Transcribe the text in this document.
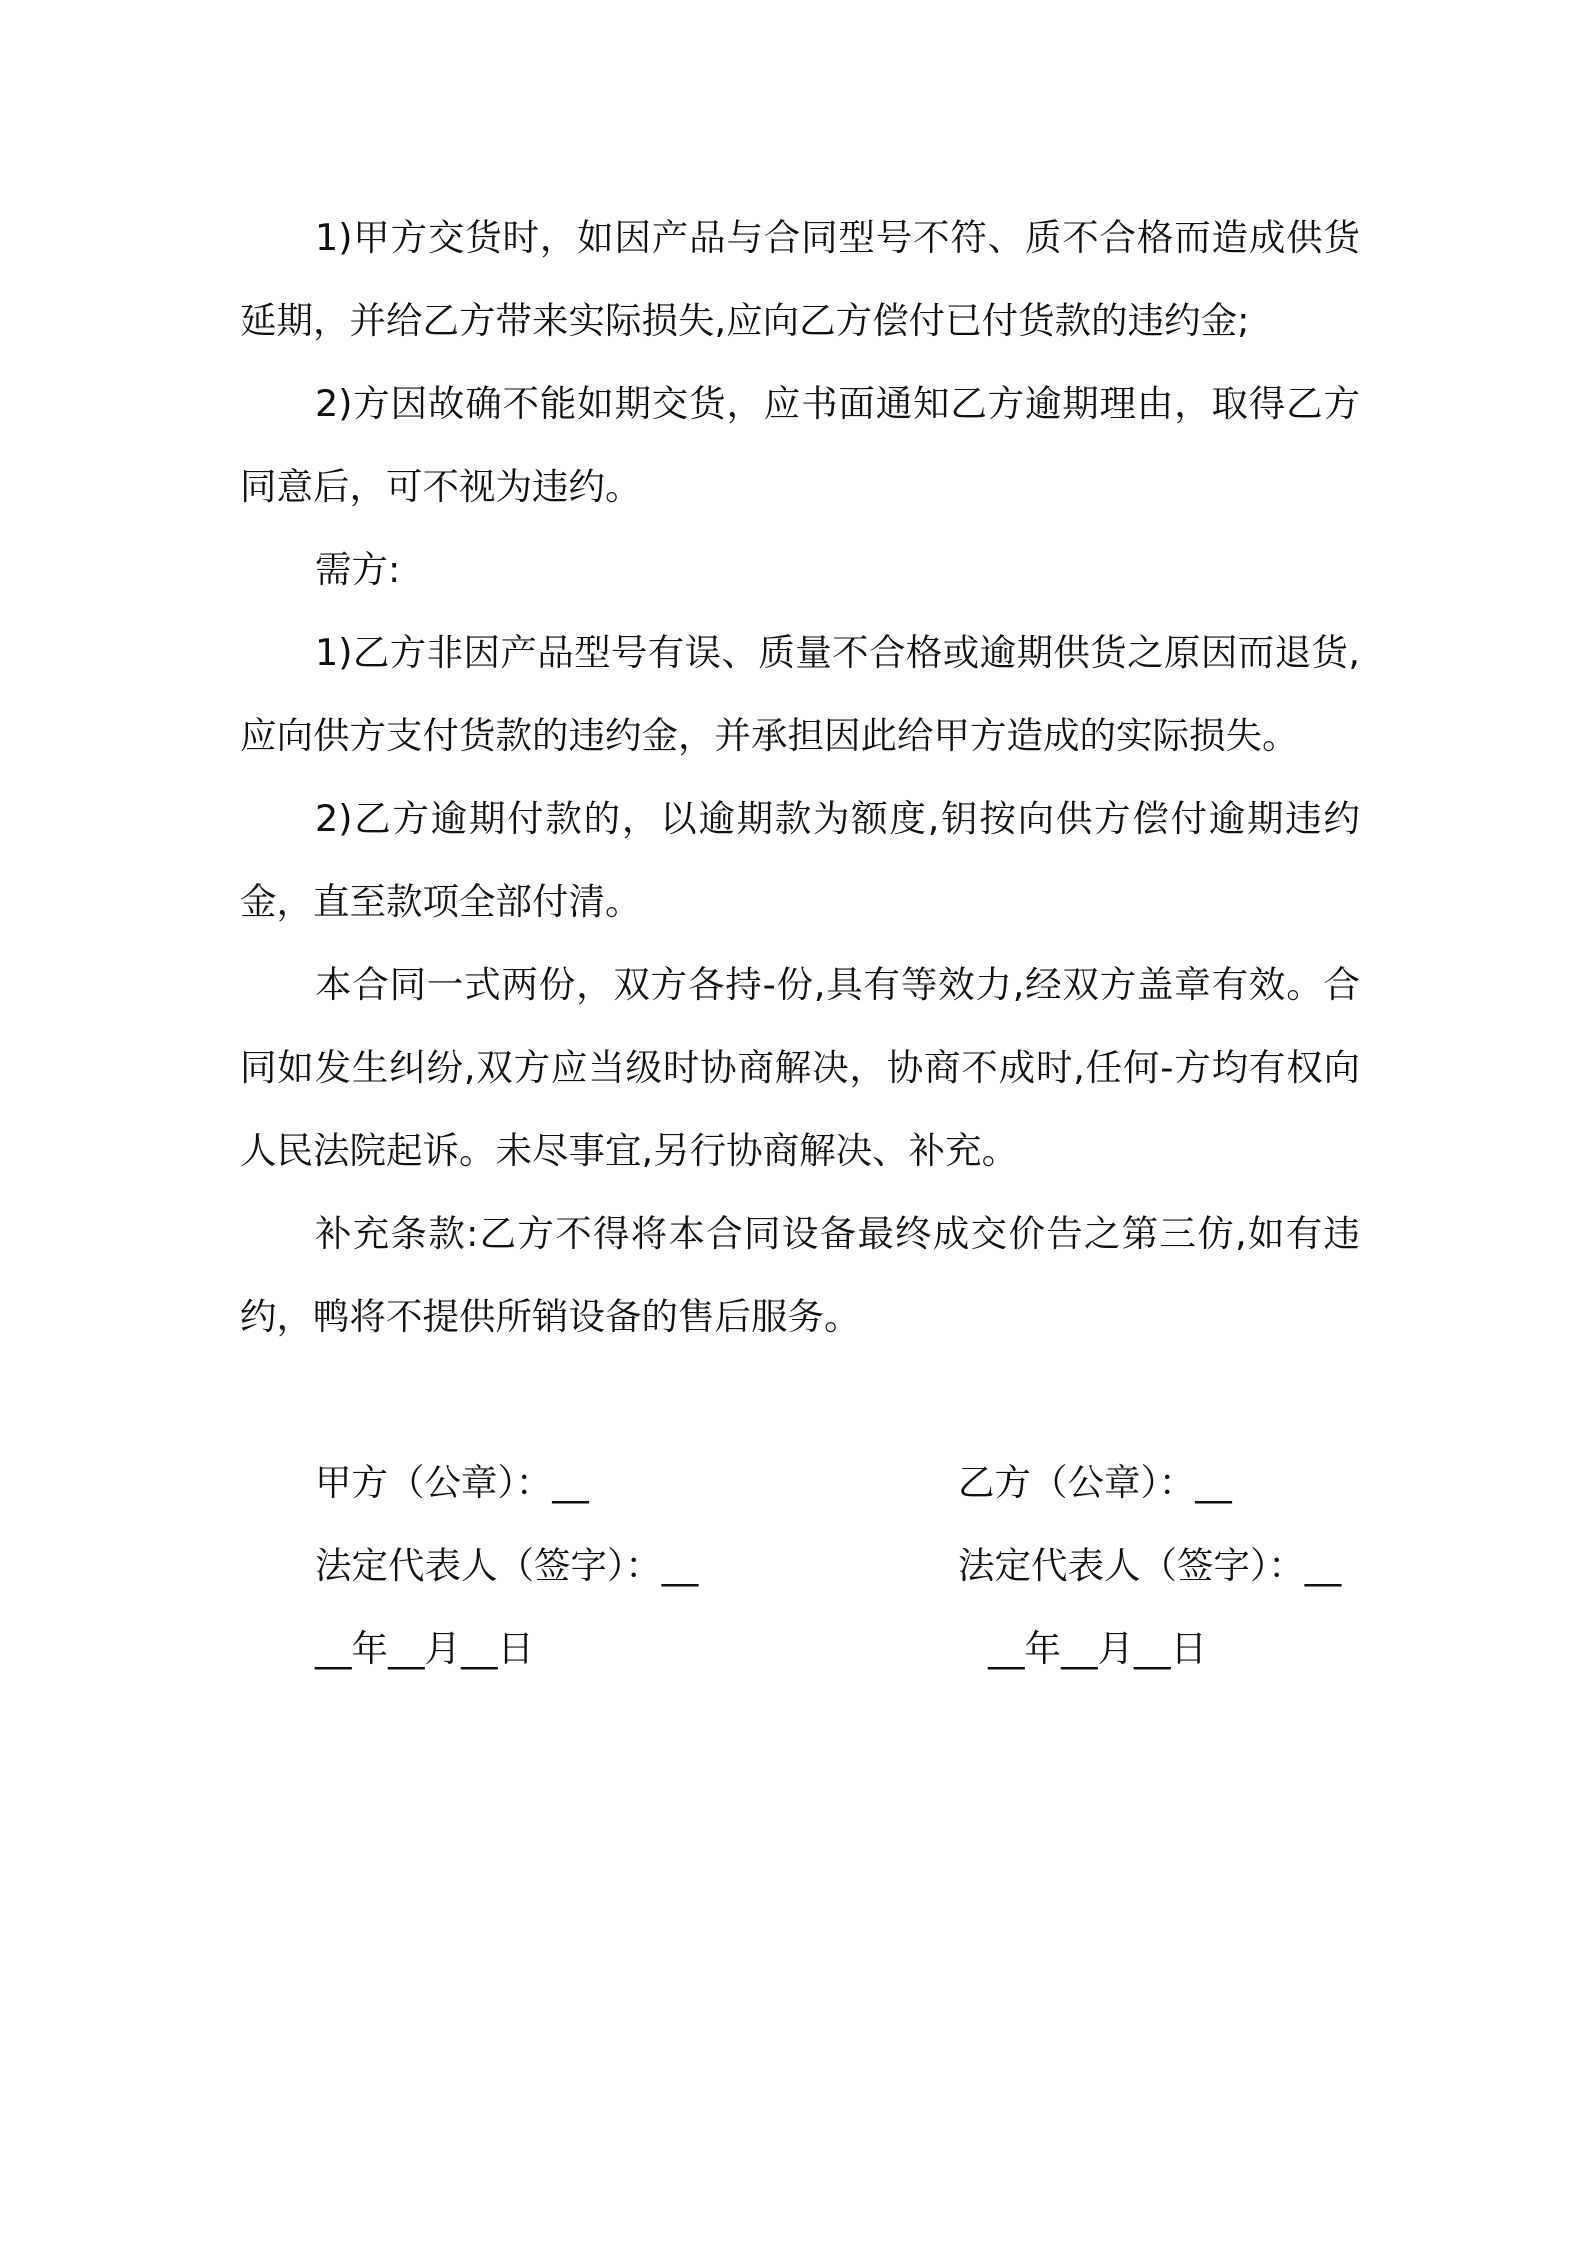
1)甲方交货时，如因产品与合同型号不符、质不合格而造成供货延期，并给乙方带来实际损失,应向乙方偿付已付货款的违约金;

2)方因故确不能如期交货，应书面通知乙方逾期理由，取得乙方同意后，可不视为违约。

需方:

1)乙方非因产品型号有误、质量不合格或逾期供货之原因而退货,应向供方支付货款的违约金，并承担因此给甲方造成的实际损失。

2)乙方逾期付款的，以逾期款为额度,钥按向供方偿付逾期违约金，直至款项全部付清。

本合同一式两份，双方各持-份,具有等效力,经双方盖章有效。合同如发生纠纷,双方应当级时协商解决，协商不成时,任何-方均有权向人民法院起诉。未尽事宜,另行协商解决、补充。

补充条款:乙方不得将本合同设备最终成交价告之第三仿,如有违约，鸭将不提供所销设备的售后服务。

甲方（公章）：__

法定代表人（签字）：__

__年__月__日

乙方（公章）：__

法定代表人（签字）：__

__年__月__日
